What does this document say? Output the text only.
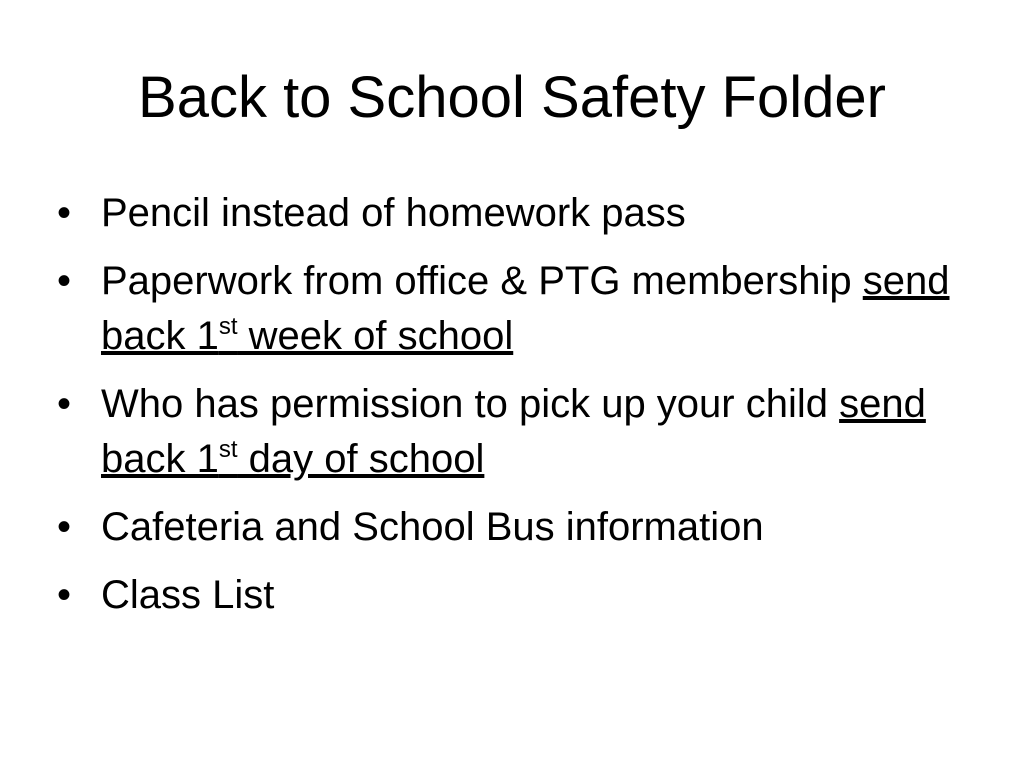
Back to School Safety Folder
• Pencil instead of homework pass
• Paperwork from office & PTG membership send back 1st week of school
• Who has permission to pick up your child send back 1st day of school
• Cafeteria and School Bus information
• Class List
